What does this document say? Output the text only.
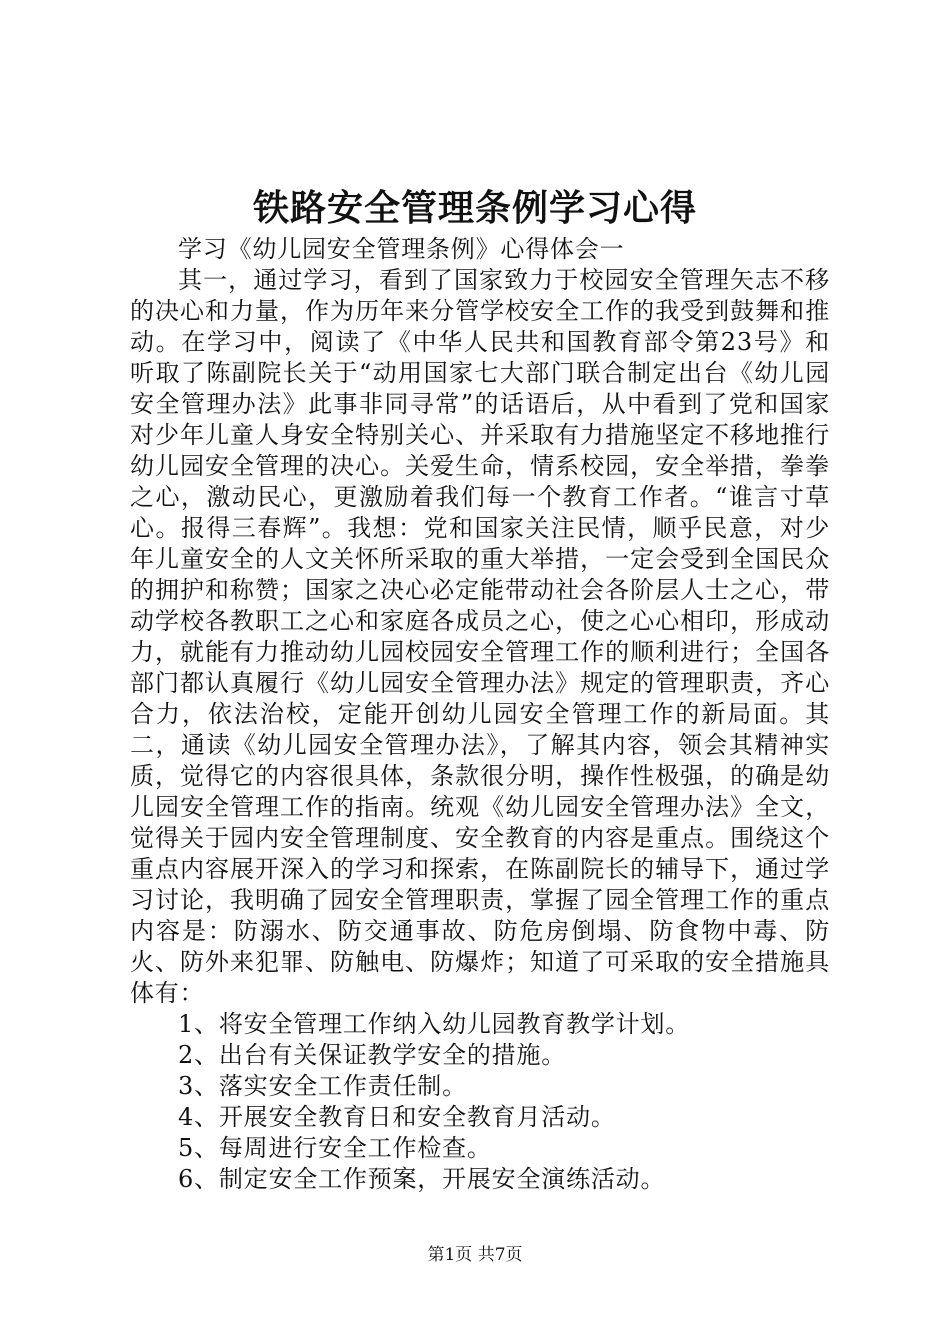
铁路安全管理条例学习心得

学习《幼儿园安全管理条例》心得体会一

其一，通过学习，看到了国家致力于校园安全管理矢志不移的决心和力量，作为历年来分管学校安全工作的我受到鼓舞和推动。在学习中，阅读了《中华人民共和国教育部令第23号》和听取了陈副院长关于“动用国家七大部门联合制定出台《幼儿园安全管理办法》此事非同寻常”的话语后，从中看到了党和国家对少年儿童人身安全特别关心、并采取有力措施坚定不移地推行幼儿园安全管理的决心。关爱生命，情系校园，安全举措，拳拳之心，激动民心，更激励着我们每一个教育工作者。“谁言寸草心。报得三春辉”。我想：党和国家关注民情，顺乎民意，对少年儿童安全的人文关怀所采取的重大举措，一定会受到全国民众的拥护和称赞；国家之决心必定能带动社会各阶层人士之心，带动学校各教职工之心和家庭各成员之心，使之心心相印，形成动力，就能有力推动幼儿园校园安全管理工作的顺利进行；全国各部门都认真履行《幼儿园安全管理办法》规定的管理职责，齐心合力，依法治校，定能开创幼儿园安全管理工作的新局面。其二，通读《幼儿园安全管理办法》，了解其内容，领会其精神实质，觉得它的内容很具体，条款很分明，操作性极强，的确是幼儿园安全管理工作的指南。统观《幼儿园安全管理办法》全文，觉得关于园内安全管理制度、安全教育的内容是重点。围绕这个重点内容展开深入的学习和探索，在陈副院长的辅导下，通过学习讨论，我明确了园安全管理职责，掌握了园全管理工作的重点内容是：防溺水、防交通事故、防危房倒塌、防食物中毒、防火、防外来犯罪、防触电、防爆炸；知道了可采取的安全措施具体有：

1、将安全管理工作纳入幼儿园教育教学计划。

2、出台有关保证教学安全的措施。

3、落实安全工作责任制。

4、开展安全教育日和安全教育月活动。

5、每周进行安全工作检查。

6、制定安全工作预案，开展安全演练活动。

第1页 共7页
